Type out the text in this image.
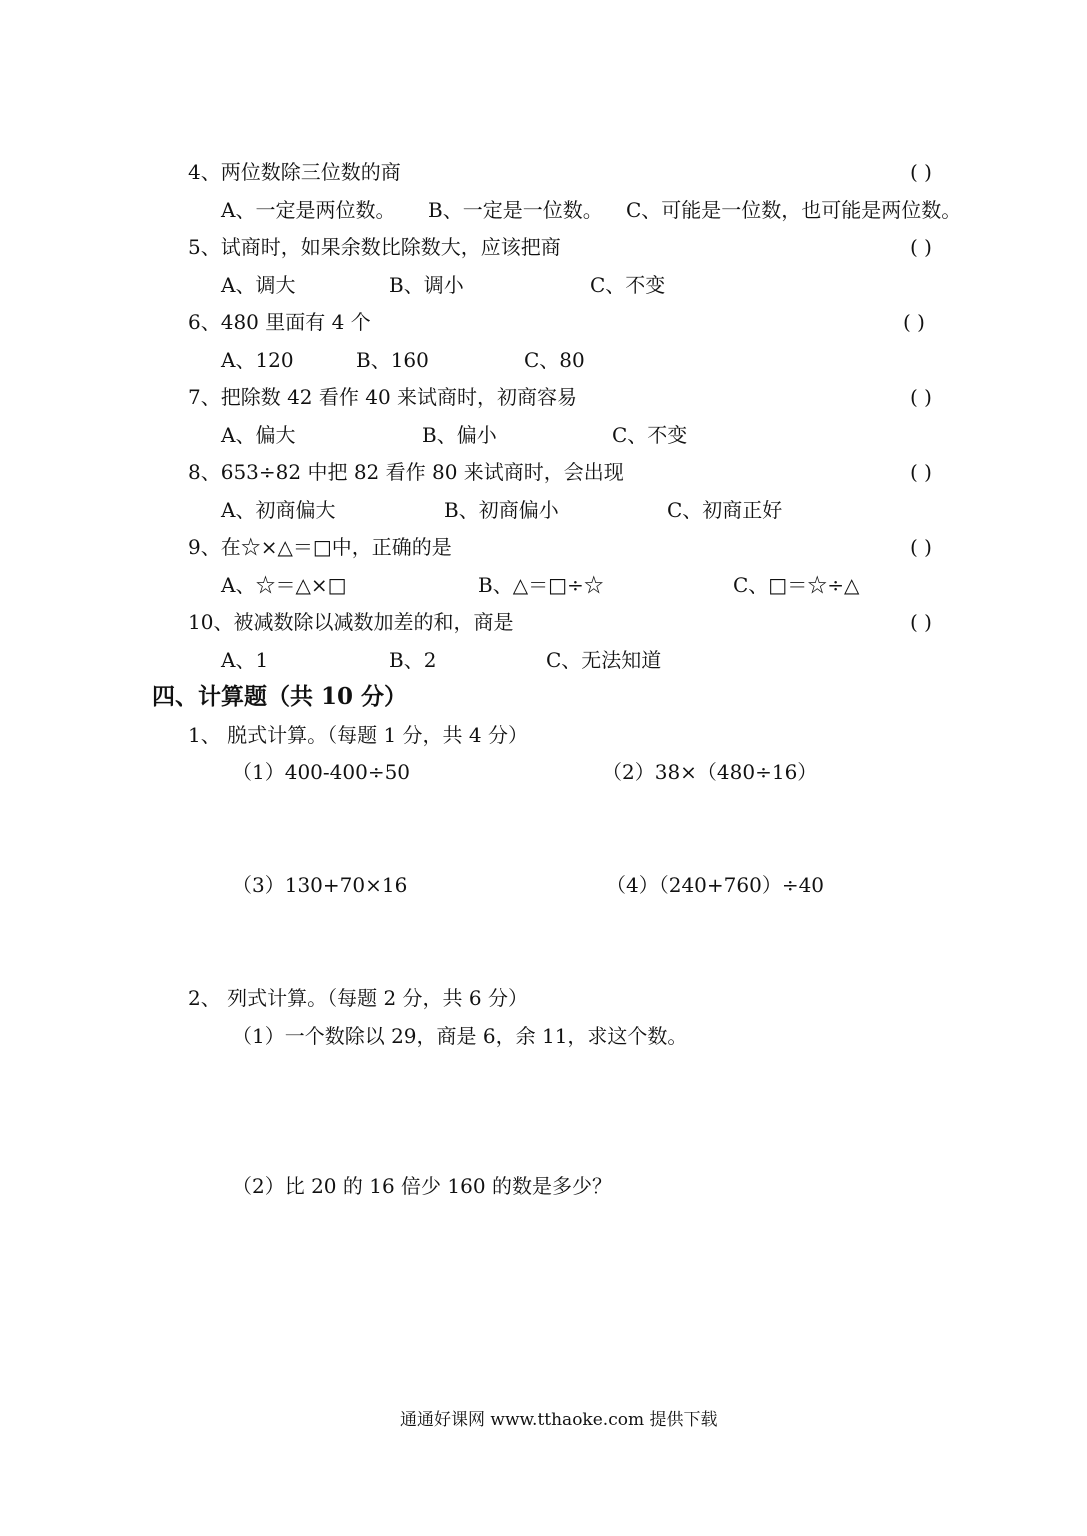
4、两位数除三位数的商	( )
A、一定是两位数。 B、一定是一位数。 C、可能是一位数，也可能是两位数。
5、试商时，如果余数比除数大，应该把商	( )
A、调大	B、调小	C、不变
6、480 里面有 4 个	( )
A、120	B、160	C、80
7、把除数 42 看作 40 来试商时，初商容易	( )
A、偏大	B、偏小	C、不变
8、653÷82 中把 82 看作 80 来试商时，会出现	( )
A、初商偏大	B、初商偏小	C、初商正好
9、在☆×△＝□中，正确的是	( )
A、☆＝△×□	B、△＝□÷☆	C、□＝☆÷△
10、被减数除以减数加差的和，商是	( )
A、1	B、2	C、无法知道
四、计算题（共 10 分）
1、 脱式计算。（每题 1 分，共 4 分）
（1）400-400÷50	（2）38×（480÷16）
（3）130+70×16	（4）（240+760）÷40
2、 列式计算。（每题 2 分，共 6 分）
（1）一个数除以 29，商是 6，余 11，求这个数。
（2）比 20 的 16 倍少 160 的数是多少？
通通好课网 www.tthaoke.com 提供下载
